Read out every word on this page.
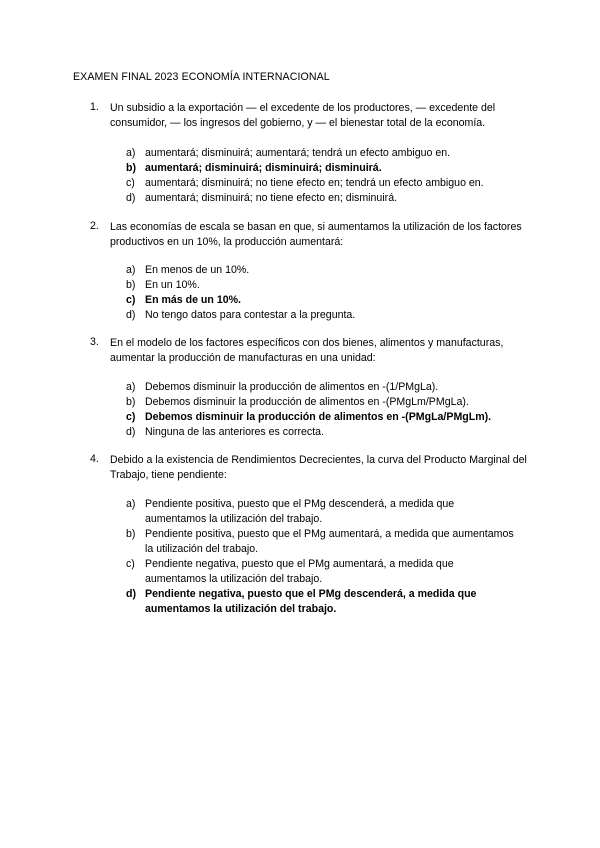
EXAMEN FINAL 2023 ECONOMÍA INTERNACIONAL
1. Un subsidio a la exportación — el excedente de los productores, — excedente del consumidor, — los ingresos del gobierno, y — el bienestar total de la economía.
a) aumentará; disminuirá; aumentará; tendrá un efecto ambiguo en.
b) aumentará; disminuirá; disminuirá; disminuirá.
c) aumentará; disminuirá; no tiene efecto en; tendrá un efecto ambiguo en.
d) aumentará; disminuirá; no tiene efecto en; disminuirá.
2. Las economías de escala se basan en que, si aumentamos la utilización de los factores productivos en un 10%, la producción aumentará:
a) En menos de un 10%.
b) En un 10%.
c) En más de un 10%.
d) No tengo datos para contestar a la pregunta.
3. En el modelo de los factores específicos con dos bienes, alimentos y manufacturas, aumentar la producción de manufacturas en una unidad:
a) Debemos disminuir la producción de alimentos en -(1/PMgLa).
b) Debemos disminuir la producción de alimentos en -(PMgLm/PMgLa).
c) Debemos disminuir la producción de alimentos en -(PMgLa/PMgLm).
d) Ninguna de las anteriores es correcta.
4. Debido a la existencia de Rendimientos Decrecientes, la curva del Producto Marginal del Trabajo, tiene pendiente:
a) Pendiente positiva, puesto que el PMg descenderá, a medida que aumentamos la utilización del trabajo.
b) Pendiente positiva, puesto que el PMg aumentará, a medida que aumentamos la utilización del trabajo.
c) Pendiente negativa, puesto que el PMg aumentará, a medida que aumentamos la utilización del trabajo.
d) Pendiente negativa, puesto que el PMg descenderá, a medida que aumentamos la utilización del trabajo.
